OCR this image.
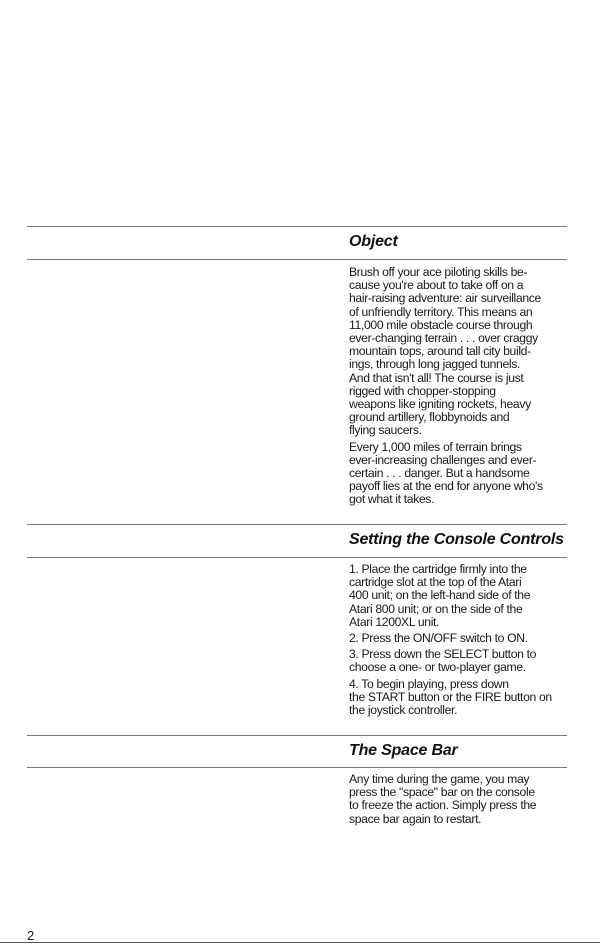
Object
Brush off your ace piloting skills be-
cause you're about to take off on a
hair-raising adventure: air surveillance
of unfriendly territory. This means an
11,000 mile obstacle course through
ever-changing terrain . . . over craggy
mountain tops, around tall city build-
ings, through long jagged tunnels.
And that isn't all! The course is just
rigged with chopper-stopping
weapons like igniting rockets, heavy
ground artillery, flobbynoids and
flying saucers.
Every 1,000 miles of terrain brings
ever-increasing challenges and ever-
certain . . . danger. But a handsome
payoff lies at the end for anyone who's
got what it takes.
Setting the Console Controls
1. Place the cartridge firmly into the
cartridge slot at the top of the Atari
400 unit; on the left-hand side of the
Atari 800 unit; or on the side of the
Atari 1200XL unit.
2. Press the ON/OFF switch to ON.
3. Press down the SELECT button to
choose a one- or two-player game.
4. To begin playing, press down
the START button or the FIRE button on
the joystick controller.
The Space Bar
Any time during the game, you may
press the "space" bar on the console
to freeze the action. Simply press the
space bar again to restart.
2
